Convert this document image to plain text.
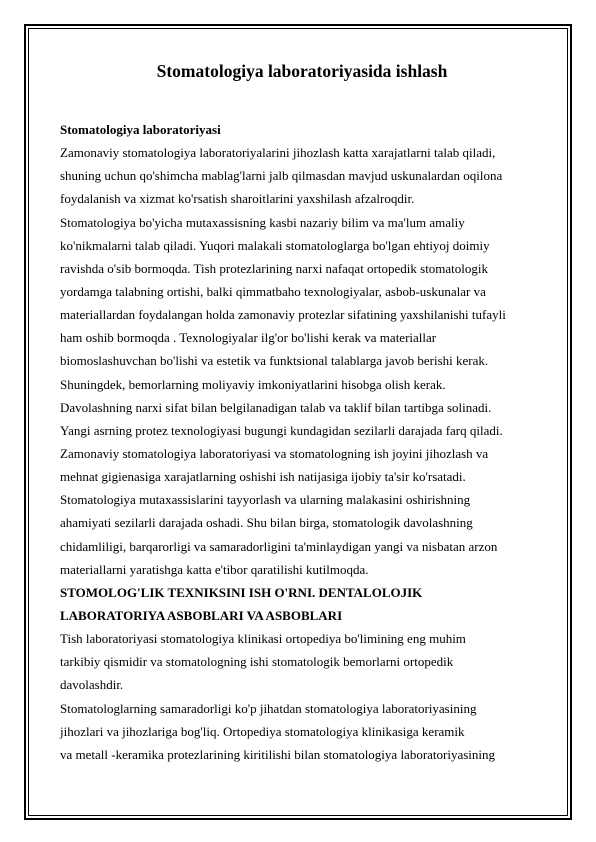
Stomatologiya laboratoriyasida ishlash
Stomatologiya laboratoriyasi
Zamonaviy stomatologiya laboratoriyalarini jihozlash katta xarajatlarni talab qiladi,
shuning uchun qo'shimcha mablag'larni jalb qilmasdan mavjud uskunalardan oqilona
foydalanish va xizmat ko'rsatish sharoitlarini yaxshilash afzalroqdir.
Stomatologiya bo'yicha mutaxassisning kasbi nazariy bilim va ma'lum amaliy
ko'nikmalarni talab qiladi. Yuqori malakali stomatologlarga bo'lgan ehtiyoj doimiy
ravishda o'sib bormoqda. Tish protezlarining narxi nafaqat ortopedik stomatologik
yordamga talabning ortishi, balki qimmatbaho texnologiyalar, asbob-uskunalar va
materiallardan foydalangan holda zamonaviy protezlar sifatining yaxshilanishi tufayli
ham oshib bormoqda . Texnologiyalar ilg'or bo'lishi kerak va materiallar
biomoslashuvchan bo'lishi va estetik va funktsional talablarga javob berishi kerak.
Shuningdek, bemorlarning moliyaviy imkoniyatlarini hisobga olish kerak.
Davolashning narxi sifat bilan belgilanadigan talab va taklif bilan tartibga solinadi.
Yangi asrning protez texnologiyasi bugungi kundagidan sezilarli darajada farq qiladi.
Zamonaviy stomatologiya laboratoriyasi va stomatologning ish joyini jihozlash va
mehnat gigienasiga xarajatlarning oshishi ish natijasiga ijobiy ta'sir ko'rsatadi.
Stomatologiya mutaxassislarini tayyorlash va ularning malakasini oshirishning
ahamiyati sezilarli darajada oshadi. Shu bilan birga, stomatologik davolashning
chidamliligi, barqarorligi va samaradorligini ta'minlaydigan yangi va nisbatan arzon
materiallarni yaratishga katta e'tibor qaratilishi kutilmoqda.
STOMOLOG'LIK TEXNIKSINI ISH O'RNI. DENTALOLOJIK
LABORATORIYA ASBOBLARI VA ASBOBLARI
Tish laboratoriyasi stomatologiya klinikasi ortopediya bo'limining eng muhim
tarkibiy qismidir va stomatologning ishi stomatologik bemorlarni ortopedik
davolashdir.
Stomatologlarning samaradorligi ko'p jihatdan stomatologiya laboratoriyasining
jihozlari va jihozlariga bog'liq. Ortopediya stomatologiya klinikasiga keramik
va metall -keramika protezlarining kiritilishi bilan stomatologiya laboratoriyasining
